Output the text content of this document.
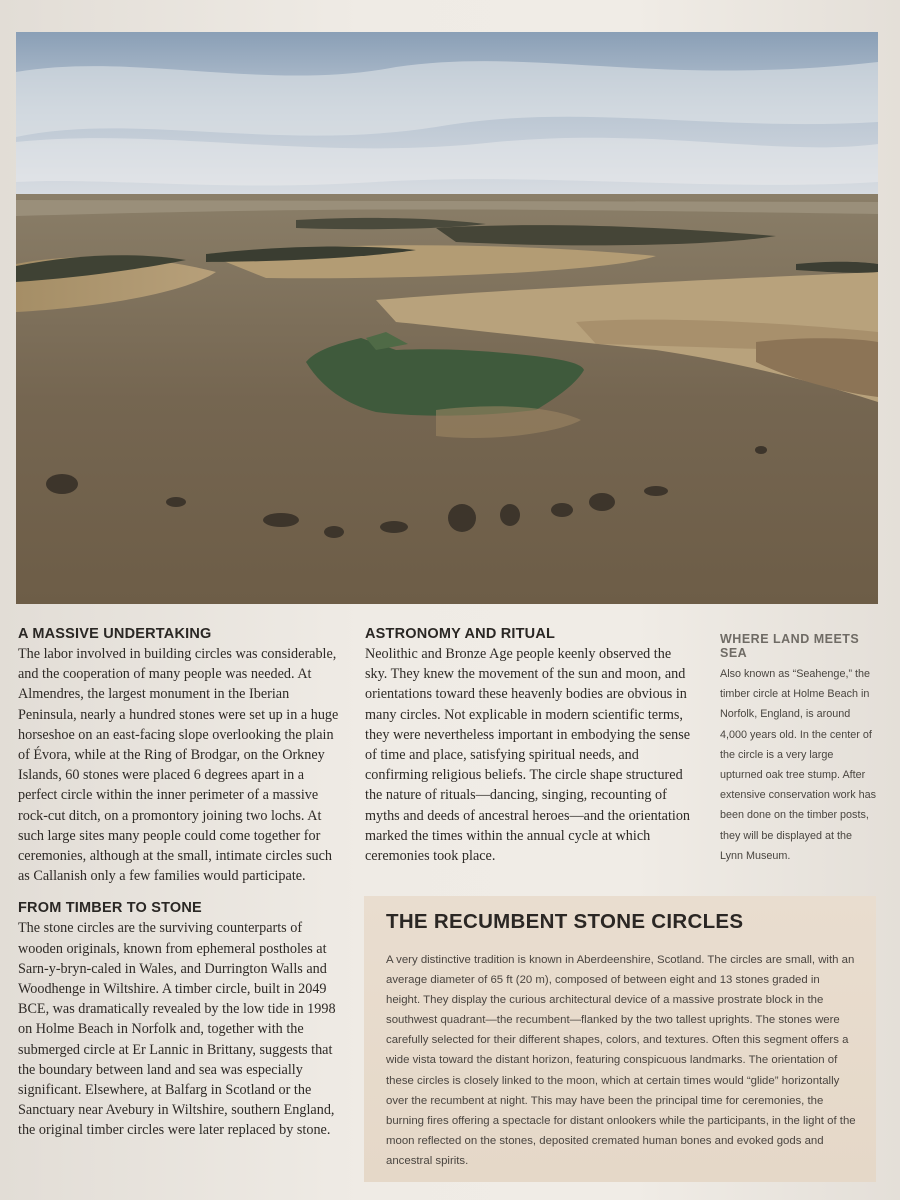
A MASSIVE UNDERTAKING

The labor involved in building circles was considerable, and the cooperation of many people was needed. At Almendres, the largest monument in the Iberian Peninsula, nearly a hundred stones were set up in a huge horseshoe on an east-facing slope overlooking the plain of Évora, while at the Ring of Brodgar, on the Orkney Islands, 60 stones were placed 6 degrees apart in a perfect circle within the inner perimeter of a massive rock-cut ditch, on a promontory joining two lochs. At such large sites many people could come together for ceremonies, although at the small, intimate circles such as Callanish only a few families would participate.

FROM TIMBER TO STONE

The stone circles are the surviving counterparts of wooden originals, known from ephemeral postholes at Sarn-y-bryn-caled in Wales, and Durrington Walls and Woodhenge in Wiltshire. A timber circle, built in 2049 BCE, was dramatically revealed by the low tide in 1998 on Holme Beach in Norfolk and, together with the submerged circle at Er Lannic in Brittany, suggests that the boundary between land and sea was especially significant. Elsewhere, at Balfarg in Scotland or the Sanctuary near Avebury in Wiltshire, southern England, the original timber circles were later replaced by stone.

ASTRONOMY AND RITUAL

Neolithic and Bronze Age people keenly observed the sky. They knew the movement of the sun and moon, and orientations toward these heavenly bodies are obvious in many circles. Not explicable in modern scientific terms, they were nevertheless important in embodying the sense of time and place, satisfying spiritual needs, and confirming religious beliefs. The circle shape structured the nature of rituals—dancing, singing, recounting of myths and deeds of ancestral heroes—and the orientation marked the times within the annual cycle at which ceremonies took place.

WHERE LAND MEETS SEA

Also known as “Seahenge,” the timber circle at Holme Beach in Norfolk, England, is around 4,000 years old. In the center of the circle is a very large upturned oak tree stump. After extensive conservation work has been done on the timber posts, they will be displayed at the Lynn Museum.

THE RECUMBENT STONE CIRCLES

A very distinctive tradition is known in Aberdeenshire, Scotland. The circles are small, with an average diameter of 65 ft (20 m), composed of between eight and 13 stones graded in height. They display the curious architectural device of a massive prostrate block in the southwest quadrant—the recumbent—flanked by the two tallest uprights. The stones were carefully selected for their different shapes, colors, and textures. Often this segment offers a wide vista toward the distant horizon, featuring conspicuous landmarks. The orientation of these circles is closely linked to the moon, which at certain times would “glide” horizontally over the recumbent at night. This may have been the principal time for ceremonies, the burning fires offering a spectacle for distant onlookers while the participants, in the light of the moon reflected on the stones, deposited cremated human bones and evoked gods and ancestral spirits.
